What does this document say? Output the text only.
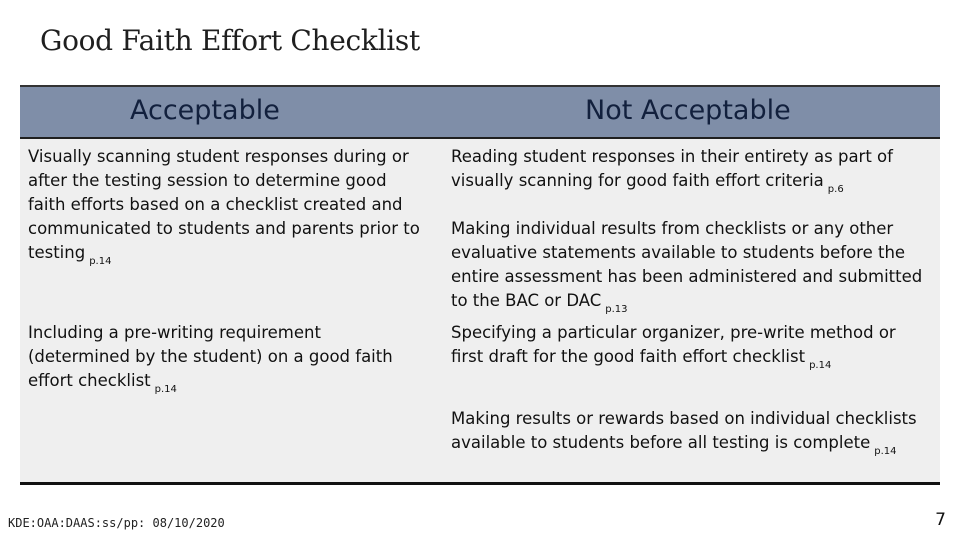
Good Faith Effort Checklist
Acceptable	Not Acceptable
Visually scanning student responses during or after the testing session to determine good faith efforts based on a checklist created and communicated to students and parents prior to testing $_{p.14}$
Including a pre-writing requirement (determined by the student) on a good faith effort checklist $_{p.14}$
Reading student responses in their entirety as part of visually scanning for good faith effort criteria $_{p.6}$
Making individual results from checklists or any other evaluative statements available to students before the entire assessment has been administered and submitted to the BAC or DAC $_{p.13}$
Specifying a particular organizer, pre-write method or first draft for the good faith effort checklist $_{p.14}$
Making results or rewards based on individual checklists available to students before all testing is complete $_{p.14}$
KDE:OAA:DAAS:ss/pp: 08/10/2020	7
